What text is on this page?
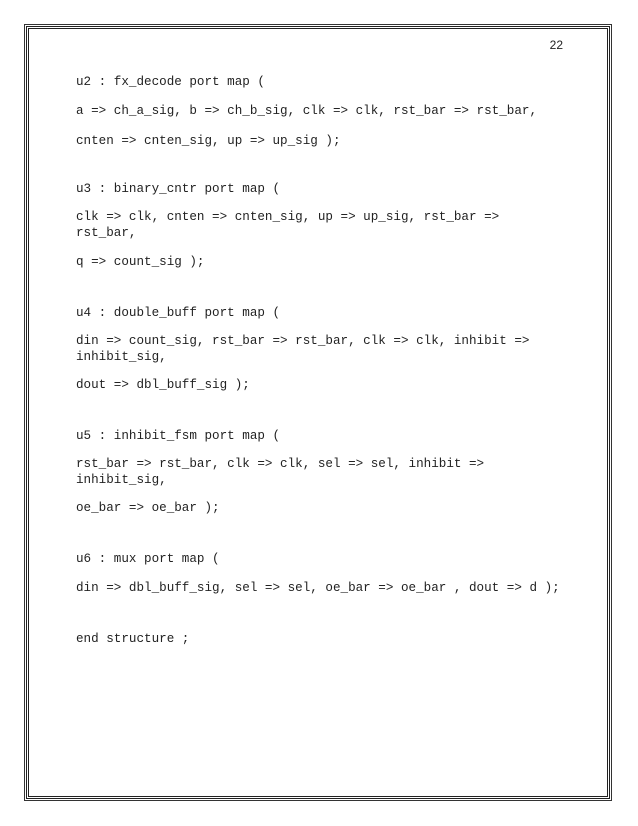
22
u2 : fx_decode port map (
a => ch_a_sig, b => ch_b_sig, clk => clk, rst_bar => rst_bar,
cnten => cnten_sig, up => up_sig );
u3 : binary_cntr port map (
clk => clk, cnten => cnten_sig, up => up_sig, rst_bar =>
rst_bar,
q => count_sig );
u4 : double_buff port map (
din => count_sig, rst_bar => rst_bar, clk => clk, inhibit =>
inhibit_sig,
dout => dbl_buff_sig );
u5 : inhibit_fsm port map (
rst_bar => rst_bar, clk => clk, sel => sel, inhibit =>
inhibit_sig,
oe_bar => oe_bar );
u6 : mux port map (
din => dbl_buff_sig, sel => sel, oe_bar => oe_bar , dout => d );
end structure ;
